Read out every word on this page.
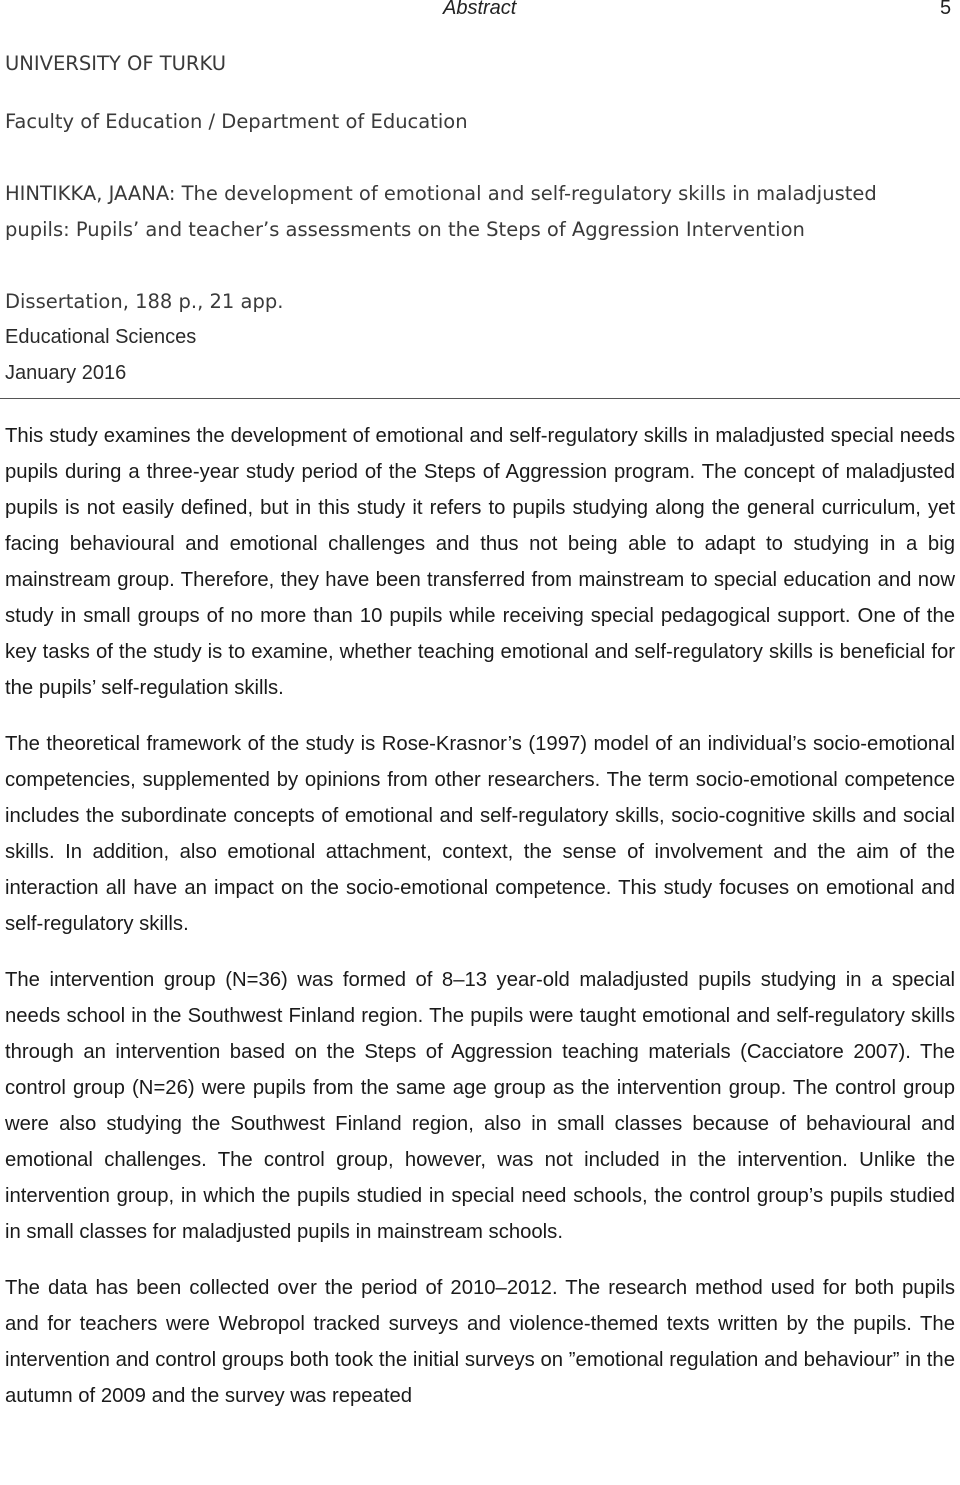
Abstract	5
UNIVERSITY OF TURKU
Faculty of Education / Department of Education
HINTIKKA, JAANA: The development of emotional and self-regulatory skills in maladjusted
pupils: Pupils’ and teacher’s assessments on the Steps of Aggression Intervention
Dissertation, 188 p., 21 app.
Educational Sciences
January 2016

This study examines the development of emotional and self-regulatory skills in maladjusted special needs pupils during a three-year study period of the Steps of Aggression program. The concept of maladjusted pupils is not easily defined, but in this study it refers to pupils studying along the general curriculum, yet facing behavioural and emotional challenges and thus not being able to adapt to studying in a big mainstream group. Therefore, they have been transferred from mainstream to special education and now study in small groups of no more than 10 pupils while receiving special pedagogical support. One of the key tasks of the study is to examine, whether teaching emotional and self-regulatory skills is beneficial for the pupils’ self-regulation skills.

The theoretical framework of the study is Rose-Krasnor’s (1997) model of an individual’s socio-emotional competencies, supplemented by opinions from other researchers. The term socio-emotional competence includes the subordinate concepts of emotional and self-regulatory skills, socio-cognitive skills and social skills. In addition, also emotional attachment, context, the sense of involvement and the aim of the interaction all have an impact on the socio-emotional competence. This study focuses on emotional and self-regulatory skills.

The intervention group (N=36) was formed of 8–13 year-old maladjusted pupils studying in a special needs school in the Southwest Finland region. The pupils were taught emotional and self-regulatory skills through an intervention based on the Steps of Aggression teaching materials (Cacciatore 2007). The control group (N=26) were pupils from the same age group as the intervention group. The control group were also studying the Southwest Finland region, also in small classes because of behavioural and emotional challenges. The control group, however, was not included in the intervention. Unlike the intervention group, in which the pupils studied in special need schools, the control group’s pupils studied in small classes for maladjusted pupils in mainstream schools.

The data has been collected over the period of 2010–2012. The research method used for both pupils and for teachers were Webropol tracked surveys and violence-themed texts written by the pupils. The intervention and control groups both took the initial surveys on ”emotional regulation and behaviour” in the autumn of 2009 and the survey was repeated
